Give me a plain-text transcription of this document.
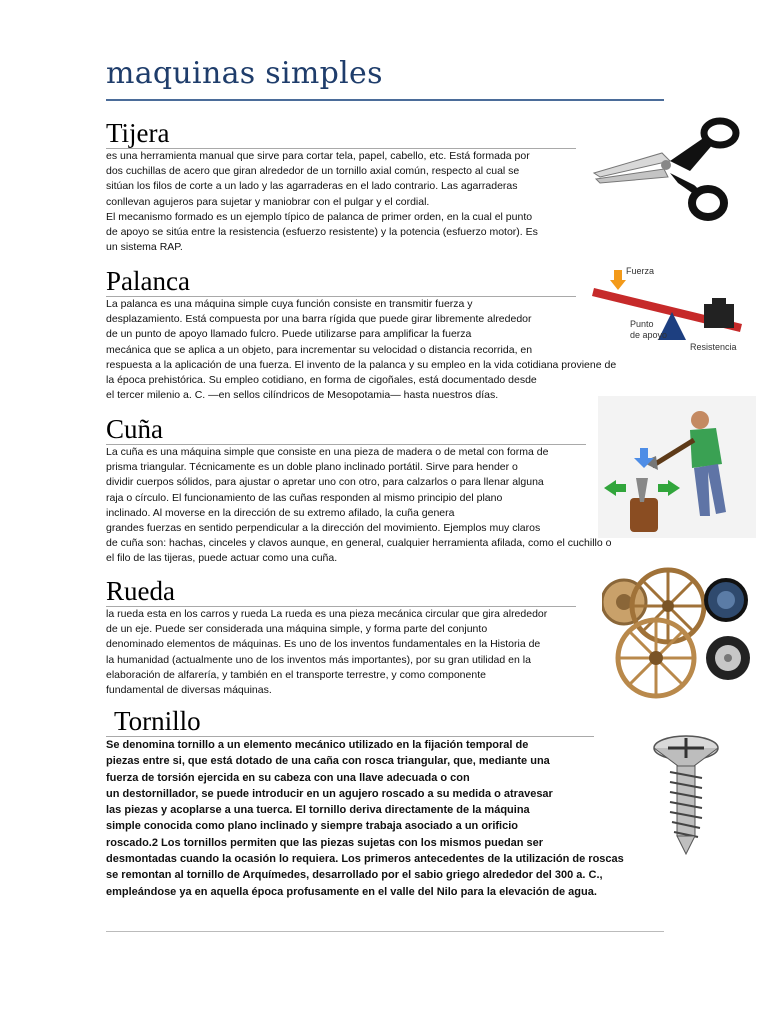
maquinas simples
Tijera

es una herramienta manual que sirve para cortar tela, papel, cabello, etc. Está formada por

dos cuchillas de acero que giran alrededor de un tornillo axial común, respecto al cual se

sitúan los filos de corte a un lado y las agarraderas en el lado contrario. Las agarraderas

conllevan agujeros para sujetar y maniobrar con el pulgar y el cordial.

El mecanismo formado es un ejemplo típico de palanca de primer orden, en la cual el punto

de apoyo se sitúa entre la resistencia (esfuerzo resistente) y la potencia (esfuerzo motor). Es

un sistema RAP.

Palanca

La palanca es una máquina simple cuya función consiste en transmitir fuerza y

desplazamiento. Está compuesta por una barra rígida que puede girar libremente alrededor

de un punto de apoyo llamado fulcro. Puede utilizarse para amplificar la fuerza

mecánica que se aplica a un objeto, para incrementar su velocidad o distancia recorrida, en

respuesta a la aplicación de una fuerza. El invento de la palanca y su empleo en la vida cotidiana proviene de

la época prehistórica. Su empleo cotidiano, en forma de cigoñales, está documentado desde

el tercer milenio a. C. —en sellos cilíndricos de Mesopotamia— hasta nuestros días.

Cuña

La cuña es una máquina simple que consiste en una pieza de madera o de metal con forma de

prisma triangular. Técnicamente es un doble plano inclinado portátil. Sirve para hender o

dividir cuerpos sólidos, para ajustar o apretar uno con otro, para calzarlos o para llenar alguna

raja o círculo. El funcionamiento de las cuñas responden al mismo principio del plano

inclinado. Al moverse en la dirección de su extremo afilado, la cuña genera

grandes fuerzas en sentido perpendicular a la dirección del movimiento. Ejemplos muy claros

de cuña son: hachas, cinceles y clavos aunque, en general, cualquier herramienta afilada, como el cuchillo o

el filo de las tijeras, puede actuar como una cuña.

Rueda

la rueda esta en los carros y rueda La rueda es una pieza mecánica circular que gira alrededor

de un eje. Puede ser considerada una máquina simple, y forma parte del conjunto

denominado elementos de máquinas. Es uno de los inventos fundamentales en la Historia de

la humanidad (actualmente uno de los inventos más importantes), por su gran utilidad en la

elaboración de alfarería, y también en el transporte terrestre, y como componente

fundamental de diversas máquinas.

Tornillo

Se denomina tornillo a un elemento mecánico utilizado en la fijación temporal de

piezas entre si, que está dotado de una caña con rosca triangular, que, mediante una

fuerza de torsión ejercida en su cabeza con una llave adecuada o con

un destornillador, se puede introducir en un agujero roscado a su medida o atravesar

las piezas y acoplarse a una tuerca. El tornillo deriva directamente de la máquina

simple conocida como plano inclinado y siempre trabaja asociado a un orificio

roscado.2 Los tornillos permiten que las piezas sujetas con los mismos puedan ser

desmontadas cuando la ocasión lo requiera. Los primeros antecedentes de la utilización de roscas

se remontan al tornillo de Arquímedes, desarrollado por el sabio griego alrededor del 300 a. C.,

empleándose ya en aquella época profusamente en el valle del Nilo para la elevación de agua.

Fuerza
Punto
de apoyo
Resistencia
